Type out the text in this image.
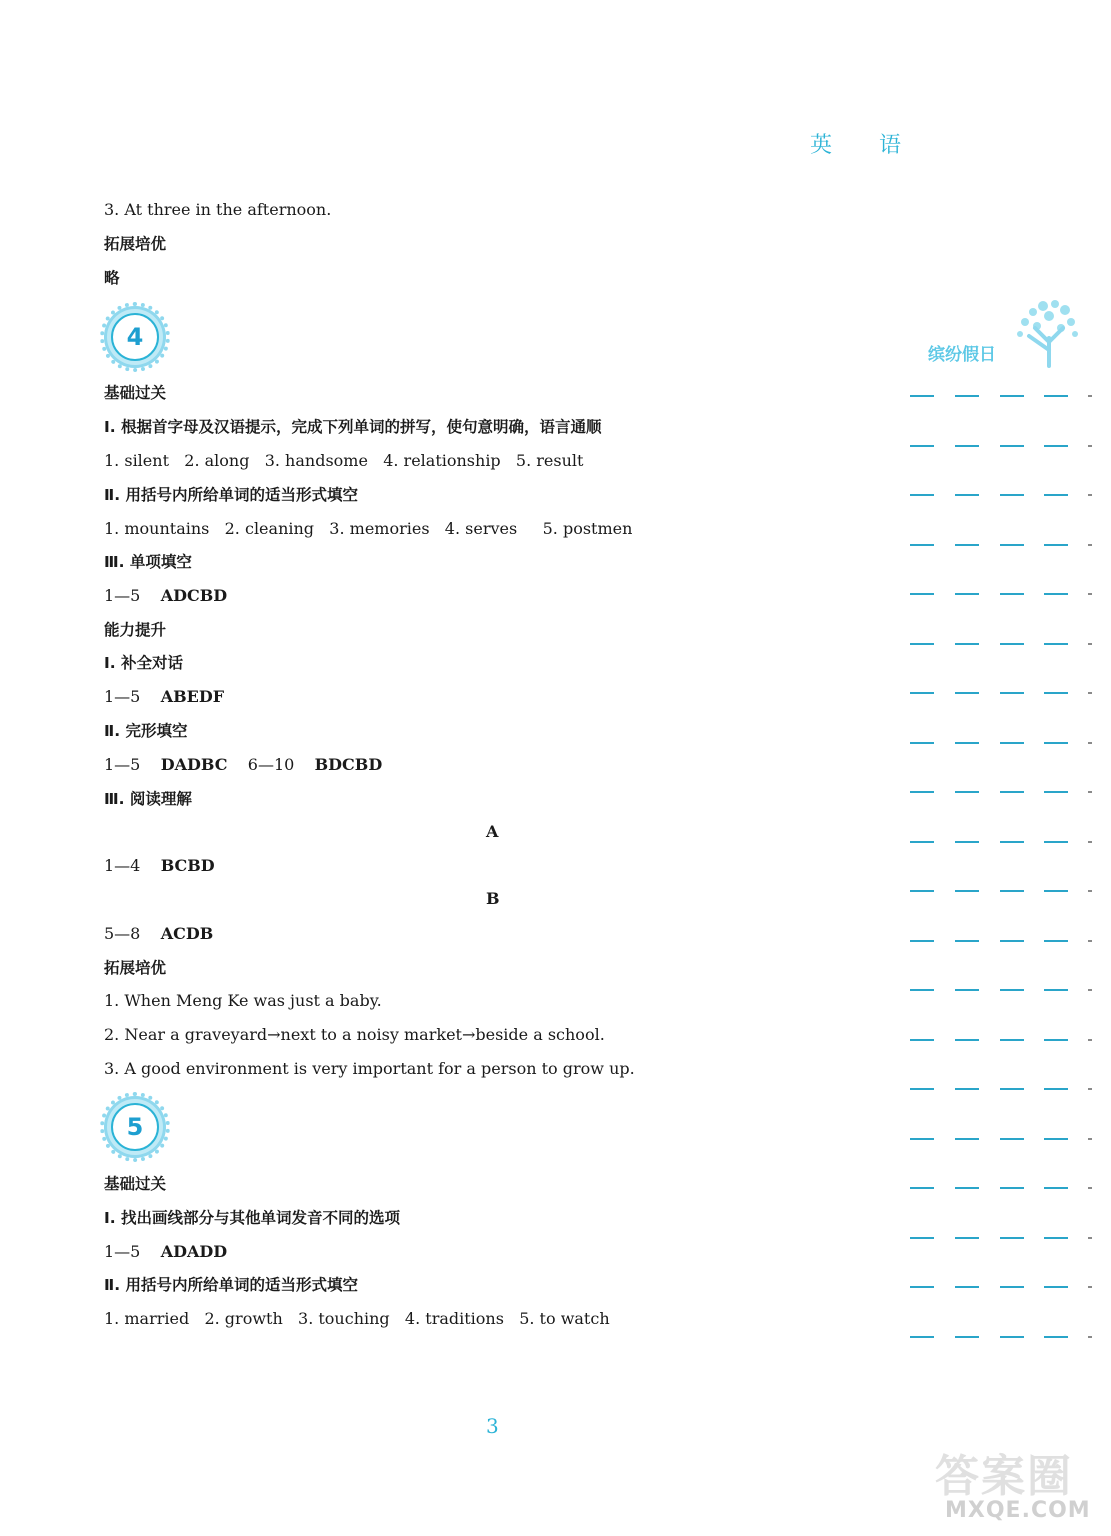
英 语
3. At three in the afternoon.
拓展培优
略
4
缤纷假日
基础过关
Ⅰ. 根据首字母及汉语提示，完成下列单词的拼写，使句意明确，语言通顺
1. silent   2. along   3. handsome   4. relationship   5. result
Ⅱ. 用括号内所给单词的适当形式填空
1. mountains   2. cleaning   3. memories   4. serves     5. postmen
Ⅲ. 单项填空
1—5 ADCBD
能力提升
Ⅰ. 补全对话
1—5 ABEDF
Ⅱ. 完形填空
1—5 DADBC 6—10 BDCBD
Ⅲ. 阅读理解
A
1—4 BCBD
B
5—8 ACDB
拓展培优
1. When Meng Ke was just a baby.
2. Near a graveyard→next to a noisy market→beside a school.
3. A good environment is very important for a person to grow up.
5
基础过关
Ⅰ. 找出画线部分与其他单词发音不同的选项
1—5 ADADD
Ⅱ. 用括号内所给单词的适当形式填空
1. married   2. growth   3. touching   4. traditions   5. to watch
3
答案圈
MXQE.COM
